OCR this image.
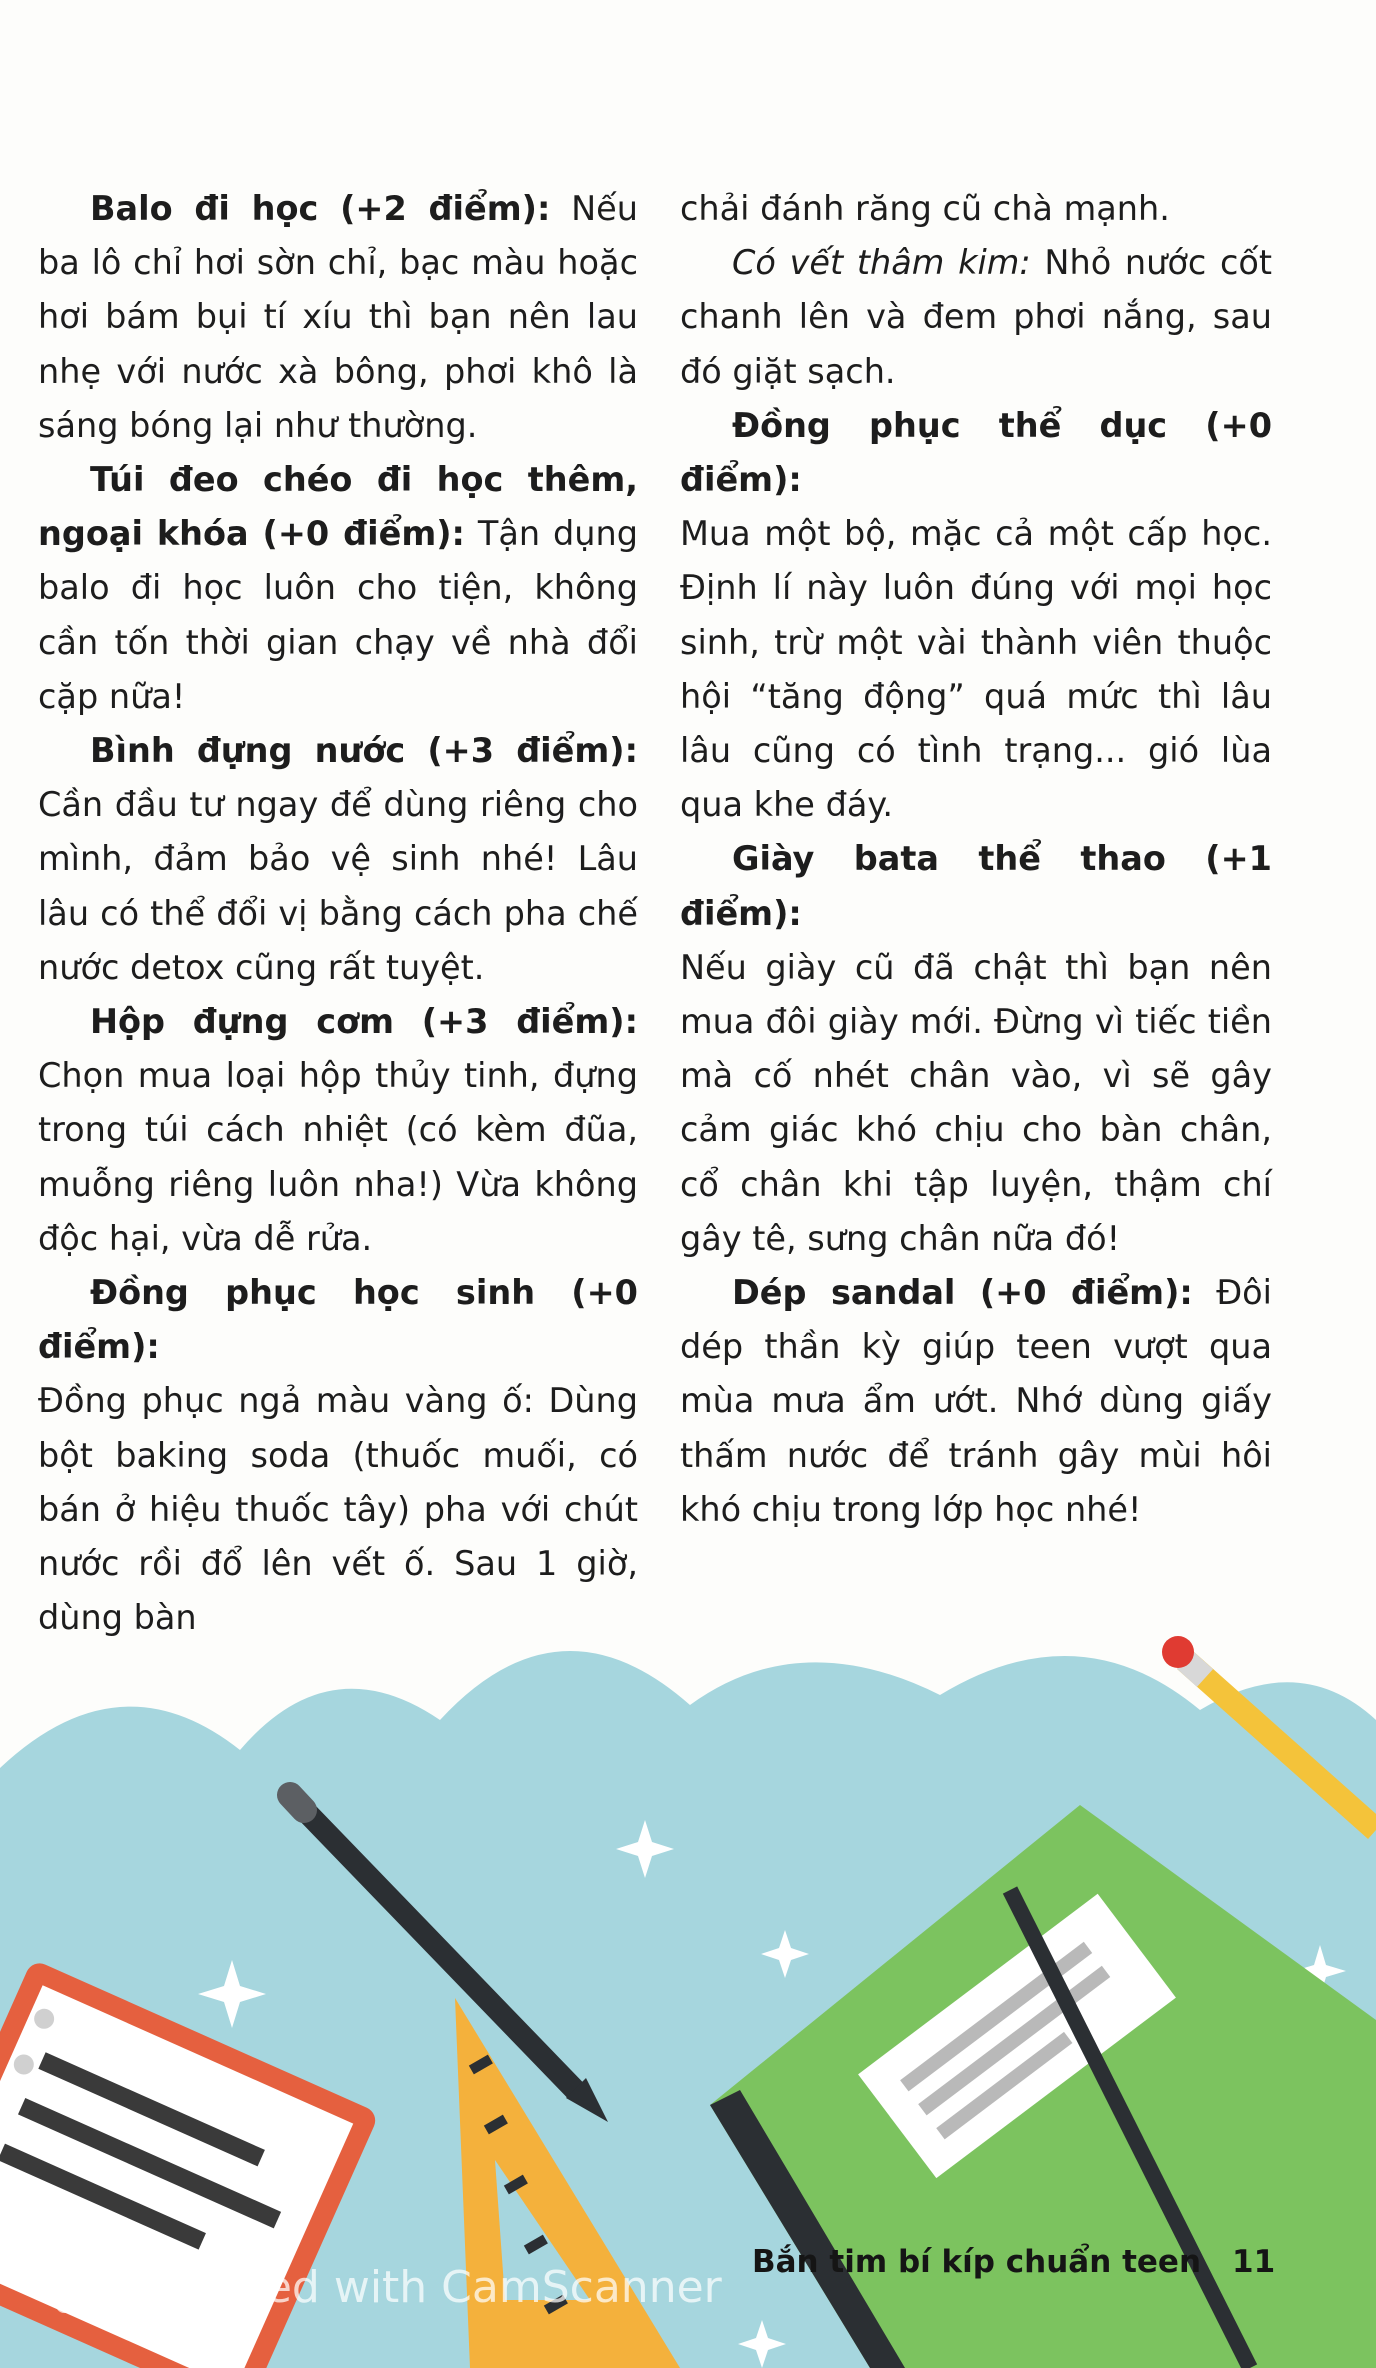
Balo đi học (+2 điểm): Nếu ba lô chỉ hơi sờn chỉ, bạc màu hoặc hơi bám bụi tí xíu thì bạn nên lau nhẹ với nước xà bông, phơi khô là sáng bóng lại như thường.

Túi đeo chéo đi học thêm, ngoại khóa (+0 điểm): Tận dụng balo đi học luôn cho tiện, không cần tốn thời gian chạy về nhà đổi cặp nữa!

Bình đựng nước (+3 điểm): Cần đầu tư ngay để dùng riêng cho mình, đảm bảo vệ sinh nhé! Lâu lâu có thể đổi vị bằng cách pha chế nước detox cũng rất tuyệt.

Hộp đựng cơm (+3 điểm): Chọn mua loại hộp thủy tinh, đựng trong túi cách nhiệt (có kèm đũa, muỗng riêng luôn nha!) Vừa không độc hại, vừa dễ rửa.

Đồng phục học sinh (+0 điểm):

Đồng phục ngả màu vàng ố: Dùng bột baking soda (thuốc muối, có bán ở hiệu thuốc tây) pha với chút nước rồi đổ lên vết ố. Sau 1 giờ, dùng bàn

chải đánh răng cũ chà mạnh.

Có vết thâm kim: Nhỏ nước cốt chanh lên và đem phơi nắng, sau đó giặt sạch.

Đồng phục thể dục (+0 điểm):

Mua một bộ, mặc cả một cấp học. Định lí này luôn đúng với mọi học sinh, trừ một vài thành viên thuộc hội “tăng động” quá mức thì lâu lâu cũng có tình trạng... gió lùa qua khe đáy.

Giày bata thể thao (+1 điểm):

Nếu giày cũ đã chật thì bạn nên mua đôi giày mới. Đừng vì tiếc tiền mà cố nhét chân vào, vì sẽ gây cảm giác khó chịu cho bàn chân, cổ chân khi tập luyện, thậm chí gây tê, sưng chân nữa đó!

Dép sandal (+0 điểm): Đôi dép thần kỳ giúp teen vượt qua mùa mưa ẩm ướt. Nhớ dùng giấy thấm nước để tránh gây mùi hôi khó chịu trong lớp học nhé!

Bắn tim bí kíp chuẩn teen 11
CS Scanned with CamScanner
